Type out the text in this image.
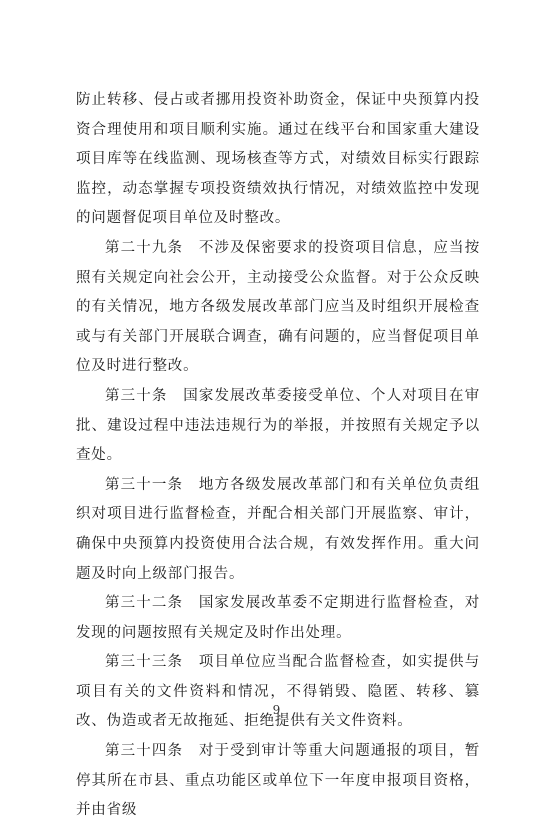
防止转移、侵占或者挪用投资补助资金，保证中央预算内投资合理使用和项目顺利实施。通过在线平台和国家重大建设项目库等在线监测、现场核查等方式，对绩效目标实行跟踪监控，动态掌握专项投资绩效执行情况，对绩效监控中发现的问题督促项目单位及时整改。

第二十九条　不涉及保密要求的投资项目信息，应当按照有关规定向社会公开，主动接受公众监督。对于公众反映的有关情况，地方各级发展改革部门应当及时组织开展检查或与有关部门开展联合调查，确有问题的，应当督促项目单位及时进行整改。

第三十条　国家发展改革委接受单位、个人对项目在审批、建设过程中违法违规行为的举报，并按照有关规定予以查处。

第三十一条　地方各级发展改革部门和有关单位负责组织对项目进行监督检查，并配合相关部门开展监察、审计，确保中央预算内投资使用合法合规，有效发挥作用。重大问题及时向上级部门报告。

第三十二条　国家发展改革委不定期进行监督检查，对发现的问题按照有关规定及时作出处理。

第三十三条　项目单位应当配合监督检查，如实提供与项目有关的文件资料和情况，不得销毁、隐匿、转移、篡改、伪造或者无故拖延、拒绝提供有关文件资料。

第三十四条　对于受到审计等重大问题通报的项目，暂停其所在市县、重点功能区或单位下一年度申报项目资格，并由省级

9
